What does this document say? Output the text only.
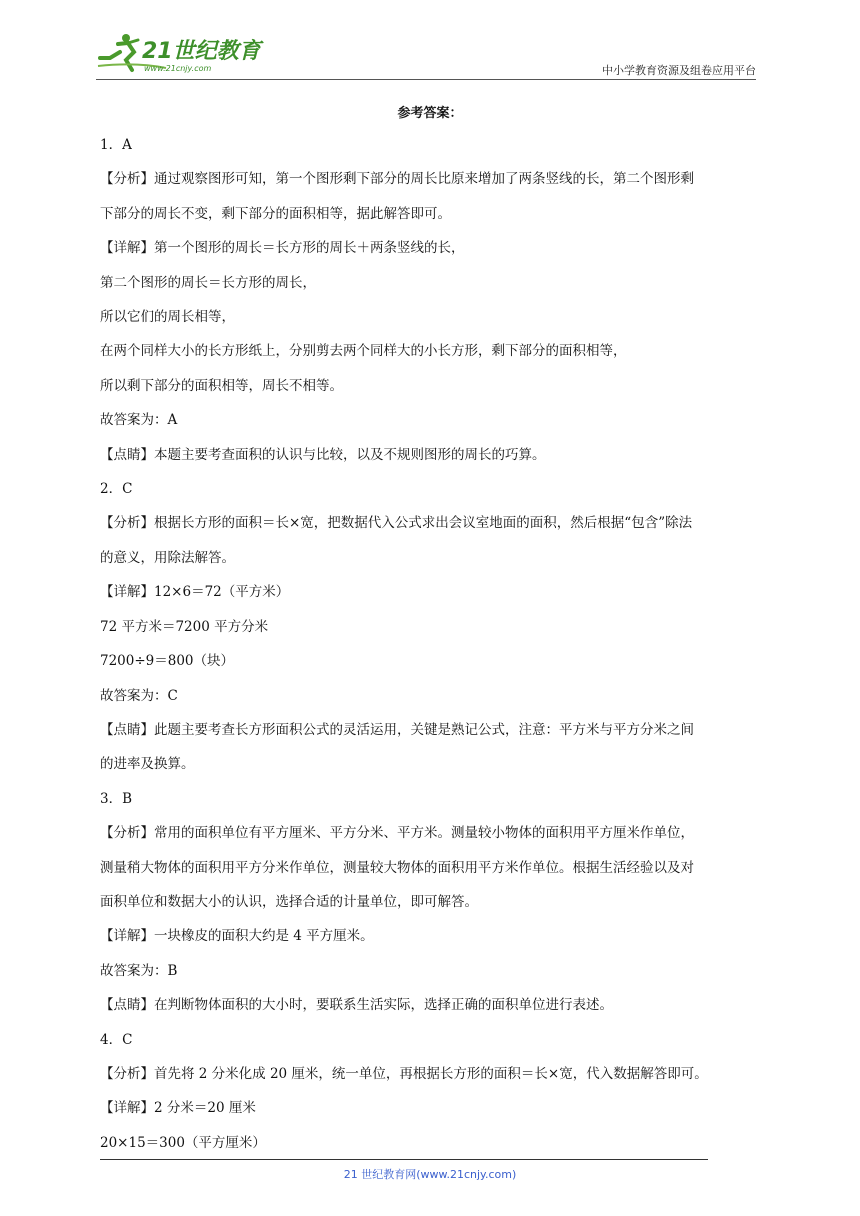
21世纪教育
www.21cnjy.com	中小学教育资源及组卷应用平台
参考答案：

1．A

【分析】通过观察图形可知，第一个图形剩下部分的周长比原来增加了两条竖线的长，第二个图形剩

下部分的周长不变，剩下部分的面积相等，据此解答即可。

【详解】第一个图形的周长＝长方形的周长＋两条竖线的长，

第二个图形的周长＝长方形的周长，

所以它们的周长相等，

在两个同样大小的长方形纸上，分别剪去两个同样大的小长方形，剩下部分的面积相等，

所以剩下部分的面积相等，周长不相等。

故答案为：A

【点睛】本题主要考查面积的认识与比较，以及不规则图形的周长的巧算。

2．C

【分析】根据长方形的面积＝长×宽，把数据代入公式求出会议室地面的面积，然后根据“包含”除法

的意义，用除法解答。

【详解】12×6＝72（平方米）

72 平方米＝7200 平方分米

7200÷9＝800（块）

故答案为：C

【点睛】此题主要考查长方形面积公式的灵活运用，关键是熟记公式，注意：平方米与平方分米之间

的进率及换算。

3．B

【分析】常用的面积单位有平方厘米、平方分米、平方米。测量较小物体的面积用平方厘米作单位，

测量稍大物体的面积用平方分米作单位，测量较大物体的面积用平方米作单位。根据生活经验以及对

面积单位和数据大小的认识，选择合适的计量单位，即可解答。

【详解】一块橡皮的面积大约是 4 平方厘米。

故答案为：B

【点睛】在判断物体面积的大小时，要联系生活实际，选择正确的面积单位进行表述。

4．C

【分析】首先将 2 分米化成 20 厘米，统一单位，再根据长方形的面积＝长×宽，代入数据解答即可。

【详解】2 分米＝20 厘米

20×15＝300（平方厘米）

21 世纪教育网(www.21cnjy.com)
